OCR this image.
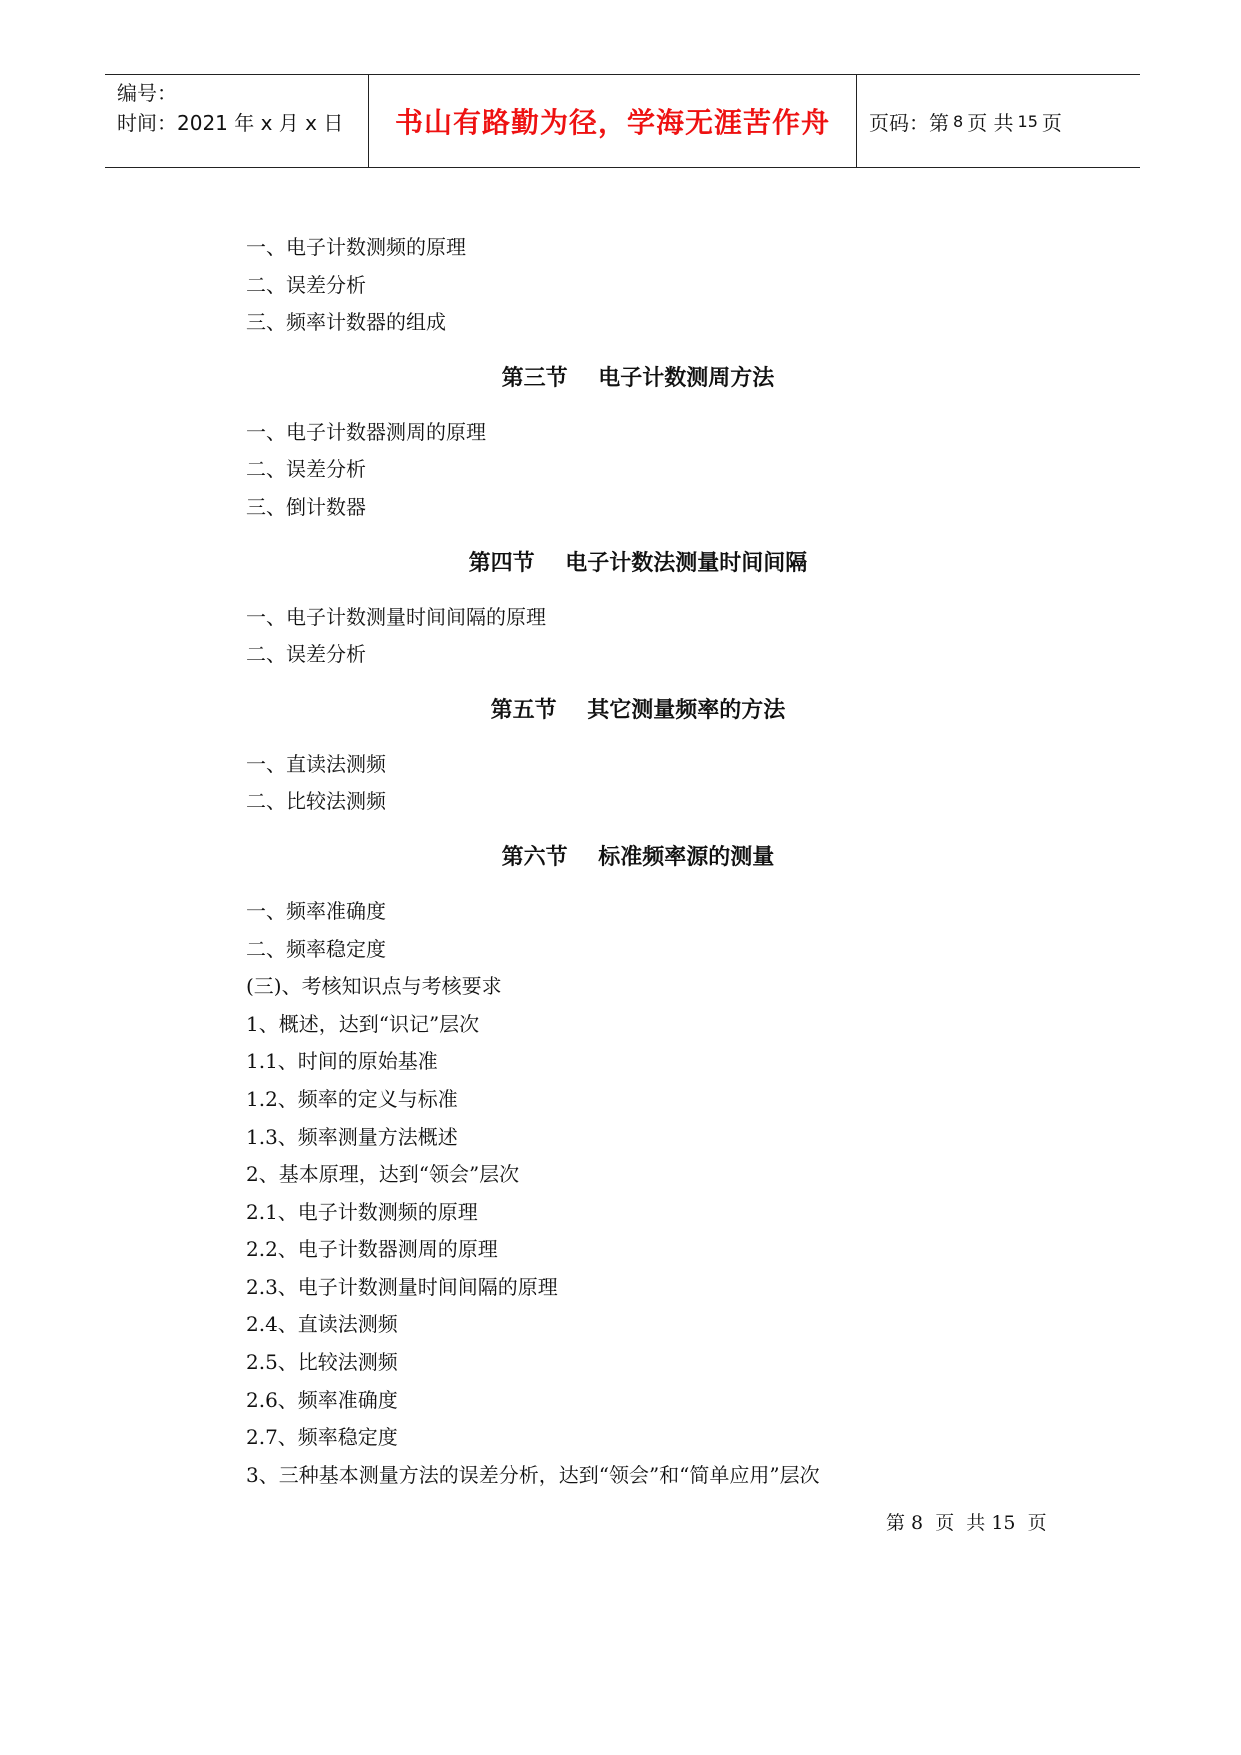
编号：
时间：2021 年 x 月 x 日	书山有路勤为径，学海无涯苦作舟	页码：第 8 页 共 15 页
一、电子计数测频的原理
二、误差分析
三、频率计数器的组成
第三节    电子计数测周方法
一、电子计数器测周的原理
二、误差分析
三、倒计数器
第四节    电子计数法测量时间间隔
一、电子计数测量时间间隔的原理
二、误差分析
第五节    其它测量频率的方法
一、直读法测频
二、比较法测频
第六节    标准频率源的测量
一、频率准确度
二、频率稳定度
(三)、考核知识点与考核要求
1、概述，达到“识记”层次
1.1、时间的原始基准
1.2、频率的定义与标准
1.3、频率测量方法概述
2、基本原理，达到“领会”层次
2.1、电子计数测频的原理
2.2、电子计数器测周的原理
2.3、电子计数测量时间间隔的原理
2.4、直读法测频
2.5、比较法测频
2.6、频率准确度
2.7、频率稳定度
3、三种基本测量方法的误差分析，达到“领会”和“简单应用”层次
第 8  页  共 15  页
